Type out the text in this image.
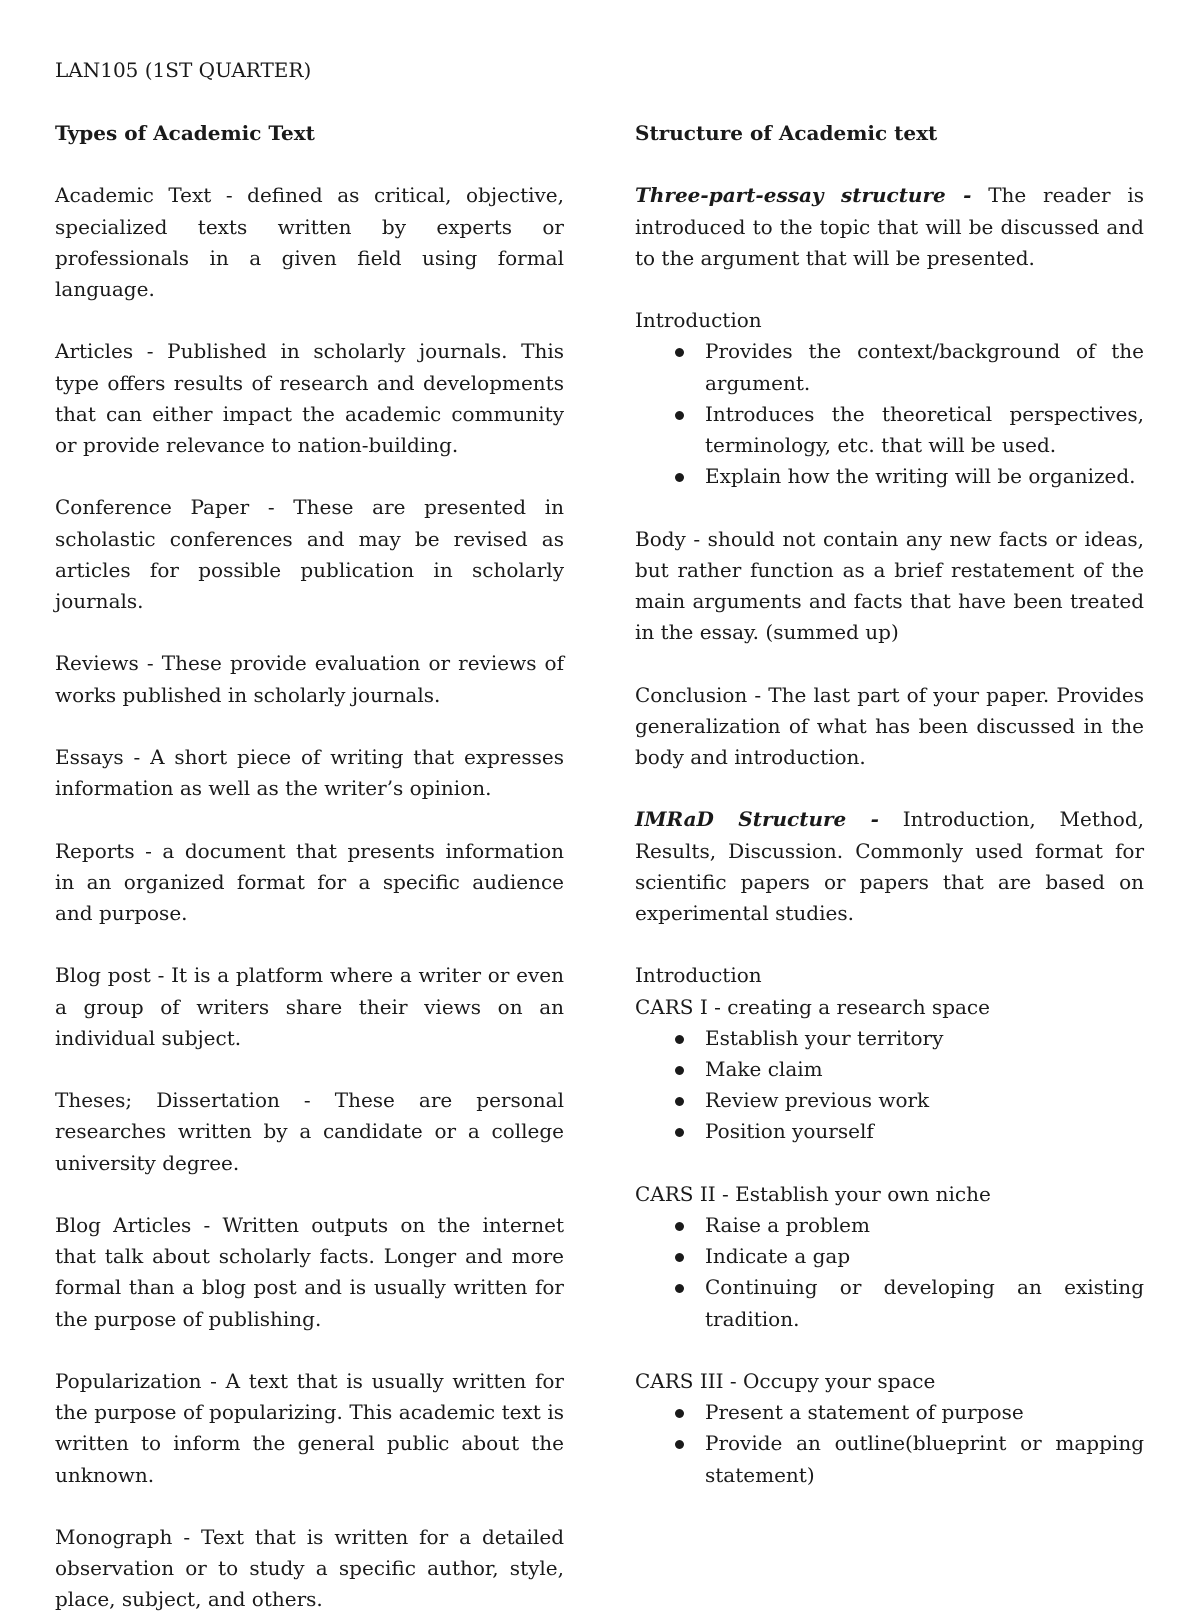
LAN105 (1ST QUARTER)
Types of Academic Text

Academic Text - defined as critical, objective, specialized texts written by experts or professionals in a given field using formal language.

Articles - Published in scholarly journals. This type offers results of research and developments that can either impact the academic community or provide relevance to nation-building.

Conference Paper - These are presented in scholastic conferences and may be revised as articles for possible publication in scholarly journals.

Reviews - These provide evaluation or reviews of works published in scholarly journals.

Essays - A short piece of writing that expresses information as well as the writer’s opinion.

Reports - a document that presents information in an organized format for a specific audience and purpose.

Blog post - It is a platform where a writer or even a group of writers share their views on an individual subject.

Theses; Dissertation - These are personal researches written by a candidate or a college university degree.

Blog Articles - Written outputs on the internet that talk about scholarly facts. Longer and more formal than a blog post and is usually written for the purpose of publishing.

Popularization - A text that is usually written for the purpose of popularizing. This academic text is written to inform the general public about the unknown.

Monograph - Text that is written for a detailed observation or to study a specific author, style, place, subject, and others.

Structure of Academic text

Three-part-essay structure - The reader is introduced to the topic that will be discussed and to the argument that will be presented.

Introduction

Provides the context/background of the argument.
Introduces the theoretical perspectives, terminology, etc. that will be used.
Explain how the writing will be organized.

Body - should not contain any new facts or ideas, but rather function as a brief restatement of the main arguments and facts that have been treated in the essay. (summed up)

Conclusion - The last part of your paper. Provides generalization of what has been discussed in the body and introduction.

IMRaD Structure - Introduction, Method, Results, Discussion. Commonly used format for scientific papers or papers that are based on experimental studies.

Introduction

CARS I - creating a research space

Establish your territory
Make claim
Review previous work
Position yourself

CARS II - Establish your own niche

Raise a problem
Indicate a gap
Continuing or developing an existing tradition.

CARS III - Occupy your space

Present a statement of purpose
Provide an outline(blueprint or mapping statement)
